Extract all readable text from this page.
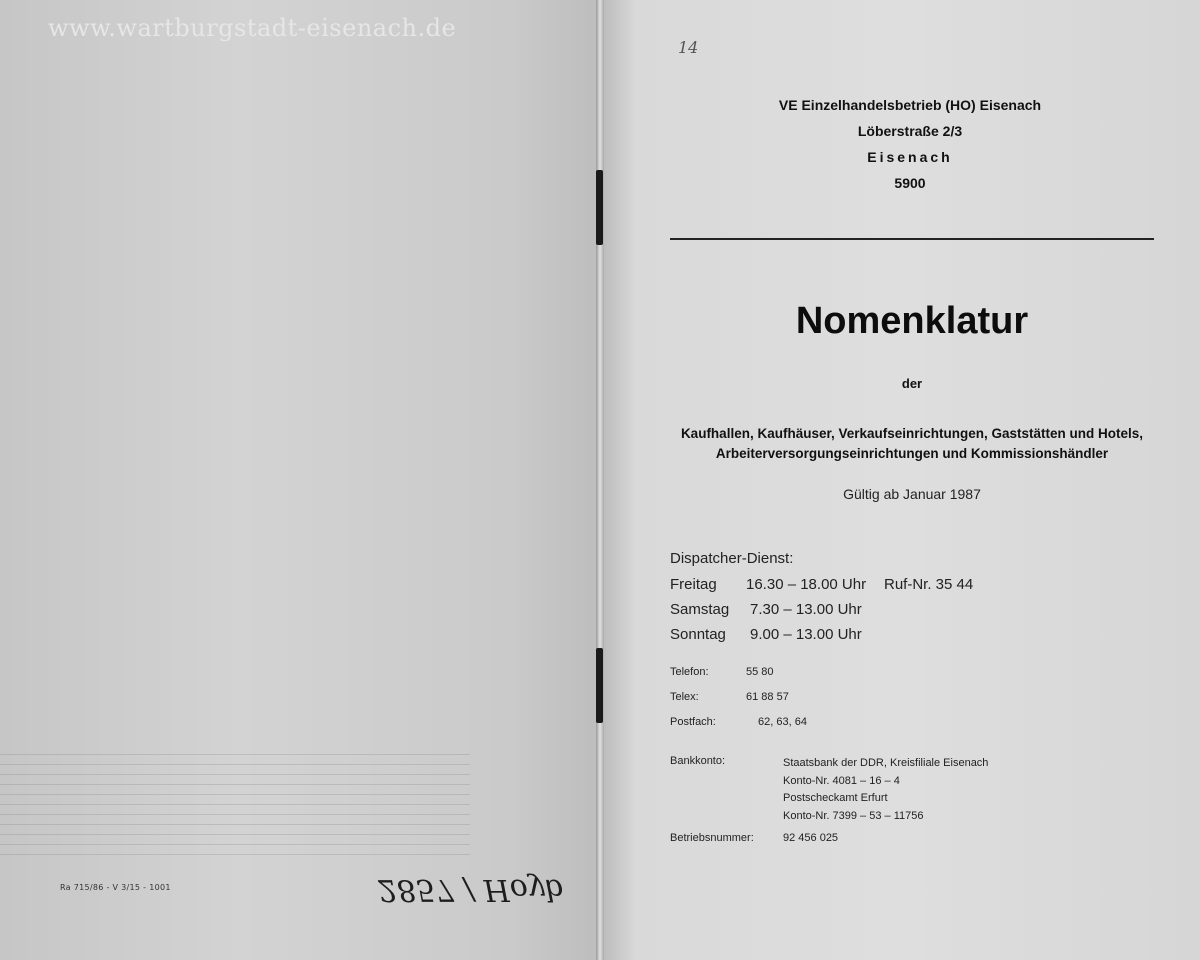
www.wartburgstadt-eisenach.de
Ra 715/86 - V 3/15 - 1001	2857 / Hoyb
14
VE Einzelhandelsbetrieb (HO) Eisenach
Löberstraße 2/3
Eisenach
5900
Nomenklatur
der
Kaufhallen, Kaufhäuser, Verkaufseinrichtungen, Gaststätten und Hotels,
Arbeiterversorgungseinrichtungen und Kommissionshändler
Gültig ab Januar 1987
Dispatcher-Dienst:
Freitag 16.30 – 18.00 Uhr Ruf-Nr. 35 44
Samstag 7.30 – 13.00 Uhr
Sonntag 9.00 – 13.00 Uhr
Telefon:	55 80
Telex:	61 88 57
Postfach:	62, 63, 64
Bankkonto:	Staatsbank der DDR, Kreisfiliale Eisenach
Konto-Nr. 4081 – 16 – 4
Postscheckamt Erfurt
Konto-Nr. 7399 – 53 – 11756
Betriebsnummer:	92 456 025
